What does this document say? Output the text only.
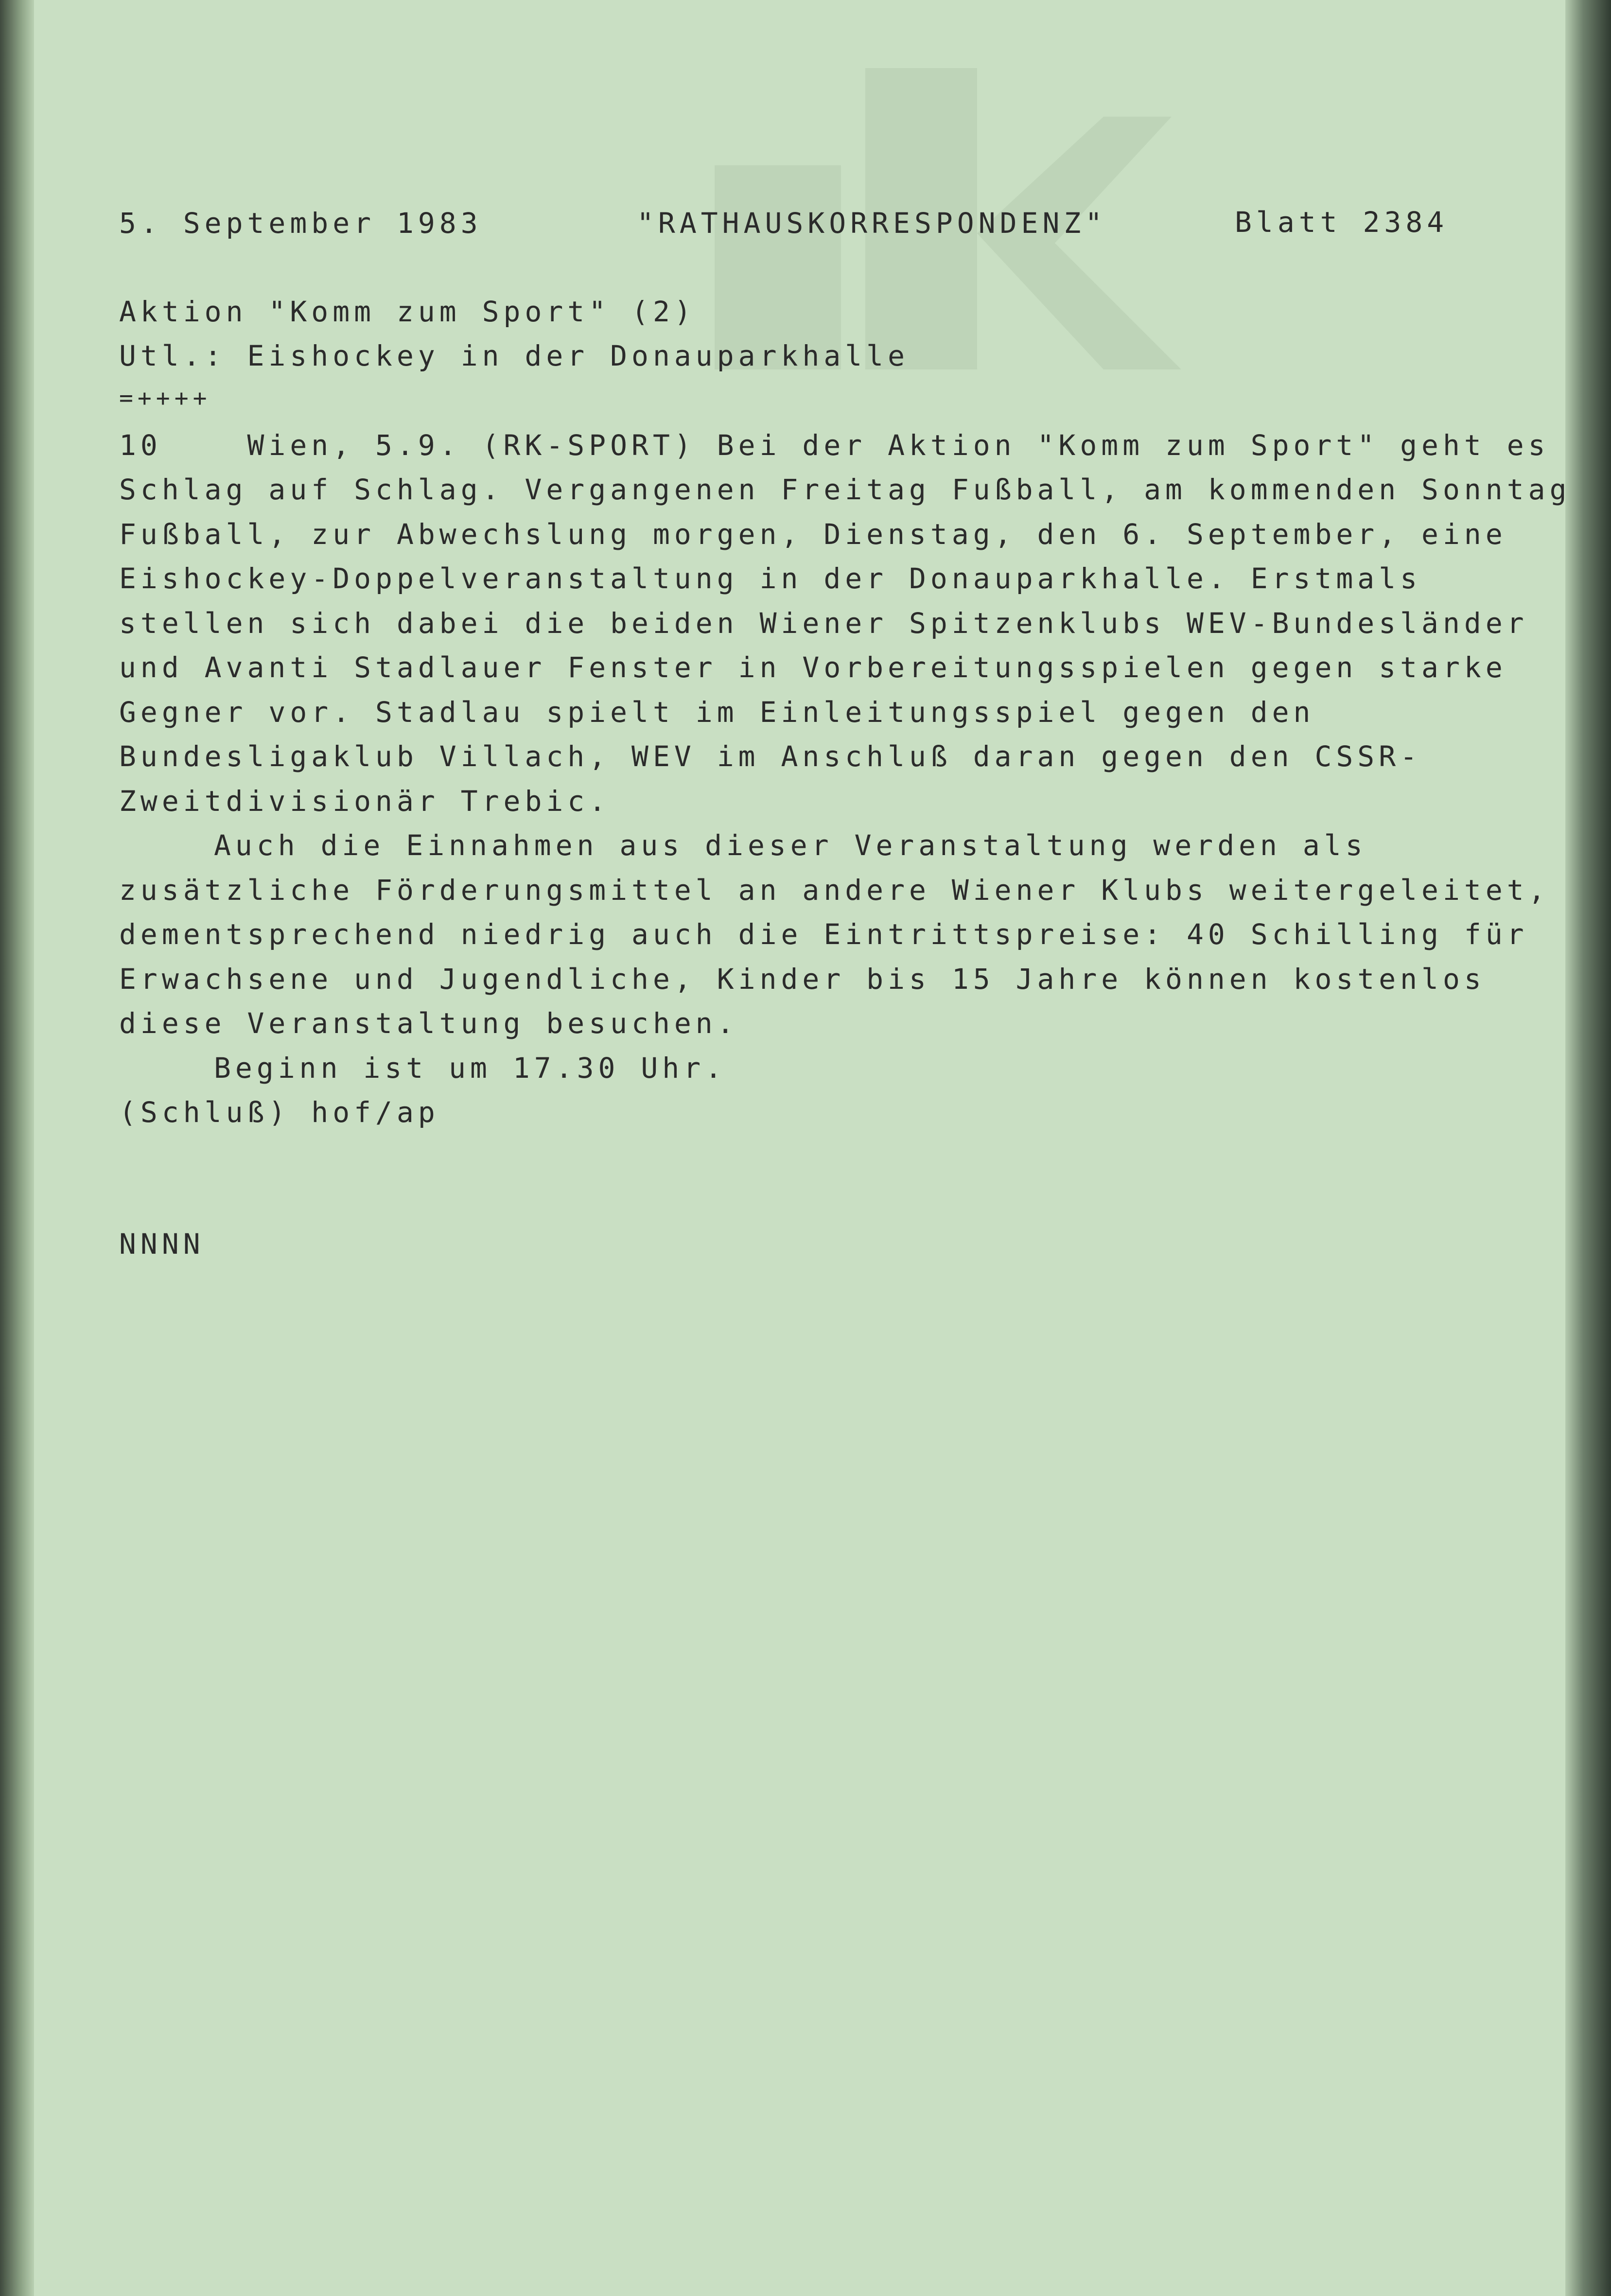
5. September 1983	"RATHAUSKORRESPONDENZ"	Blatt 2384
Aktion "Komm zum Sport" (2)
Utl.: Eishockey in der Donauparkhalle
=++++
10    Wien, 5.9. (RK-SPORT) Bei der Aktion "Komm zum Sport" geht es
Schlag auf Schlag. Vergangenen Freitag Fußball, am kommenden Sonntag
Fußball, zur Abwechslung morgen, Dienstag, den 6. September, eine
Eishockey-Doppelveranstaltung in der Donauparkhalle. Erstmals
stellen sich dabei die beiden Wiener Spitzenklubs WEV-Bundesländer
und Avanti Stadlauer Fenster in Vorbereitungsspielen gegen starke
Gegner vor. Stadlau spielt im Einleitungsspiel gegen den
Bundesligaklub Villach, WEV im Anschluß daran gegen den CSSR-
Zweitdivisionär Trebic.
Auch die Einnahmen aus dieser Veranstaltung werden als
zusätzliche Förderungsmittel an andere Wiener Klubs weitergeleitet,
dementsprechend niedrig auch die Eintrittspreise: 40 Schilling für
Erwachsene und Jugendliche, Kinder bis 15 Jahre können kostenlos
diese Veranstaltung besuchen.
Beginn ist um 17.30 Uhr.
(Schluß) hof/ap
NNNN
